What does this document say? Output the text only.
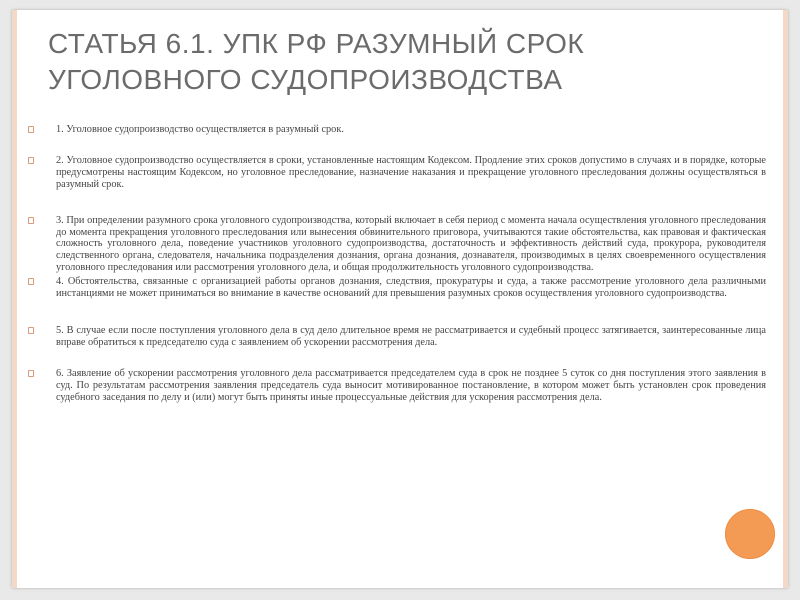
СТАТЬЯ 6.1. УПК РФ РАЗУМНЫЙ СРОК
УГОЛОВНОГО СУДОПРОИЗВОДСТВА
1. Уголовное судопроизводство осуществляется в разумный срок.
2. Уголовное судопроизводство осуществляется в сроки, установленные настоящим Кодексом. Продление этих сроков допустимо в случаях и в порядке, которые предусмотрены настоящим Кодексом, но уголовное преследование, назначение наказания и прекращение уголовного преследования должны осуществляться в разумный срок.
3. При определении разумного срока уголовного судопроизводства, который включает в себя период с момента начала осуществления уголовного преследования до момента прекращения уголовного преследования или вынесения обвинительного приговора, учитываются такие обстоятельства, как правовая и фактическая сложность уголовного дела, поведение участников уголовного судопроизводства, достаточность и эффективность действий суда, прокурора, руководителя следственного органа, следователя, начальника подразделения дознания, органа дознания, дознавателя, производимых в целях своевременного осуществления уголовного преследования или рассмотрения уголовного дела, и общая продолжительность уголовного судопроизводства.
4. Обстоятельства, связанные с организацией работы органов дознания, следствия, прокуратуры и суда, а также рассмотрение уголовного дела различными инстанциями не может приниматься во внимание в качестве оснований для превышения разумных сроков осуществления уголовного судопроизводства.
5. В случае если после поступления уголовного дела в суд дело длительное время не рассматривается и судебный процесс затягивается, заинтересованные лица вправе обратиться к председателю суда с заявлением об ускорении рассмотрения дела.
6. Заявление об ускорении рассмотрения уголовного дела рассматривается председателем суда в срок не позднее 5 суток со дня поступления этого заявления в суд. По результатам рассмотрения заявления председатель суда выносит мотивированное постановление, в котором может быть установлен срок проведения судебного заседания по делу и (или) могут быть приняты иные процессуальные действия для ускорения рассмотрения дела.
